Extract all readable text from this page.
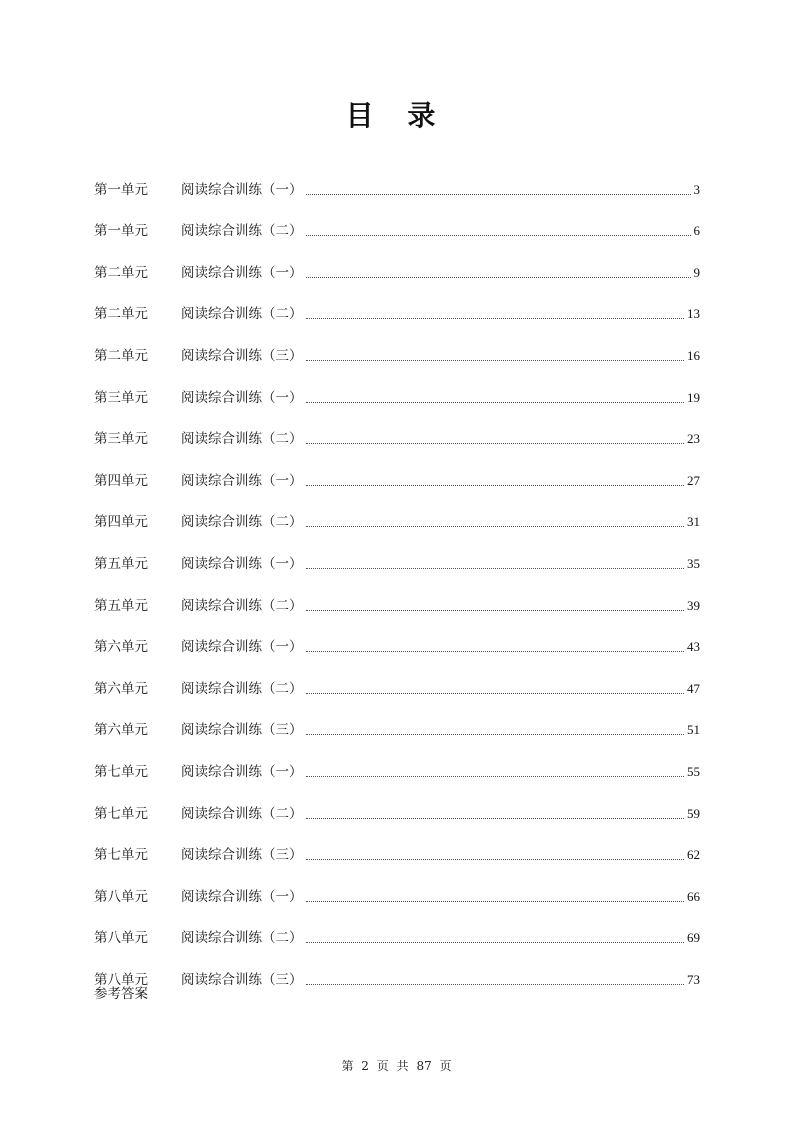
目 录
第一单元	阅读综合训练（一）	3
第一单元	阅读综合训练（二）	6
第二单元	阅读综合训练（一）	9
第二单元	阅读综合训练（二）	13
第二单元	阅读综合训练（三）	16
第三单元	阅读综合训练（一）	19
第三单元	阅读综合训练（二）	23
第四单元	阅读综合训练（一）	27
第四单元	阅读综合训练（二）	31
第五单元	阅读综合训练（一）	35
第五单元	阅读综合训练（二）	39
第六单元	阅读综合训练（一）	43
第六单元	阅读综合训练（二）	47
第六单元	阅读综合训练（三）	51
第七单元	阅读综合训练（一）	55
第七单元	阅读综合训练（二）	59
第七单元	阅读综合训练（三）	62
第八单元	阅读综合训练（一）	66
第八单元	阅读综合训练（二）	69
第八单元	阅读综合训练（三）	73
参考答案
第 2 页 共 87 页
